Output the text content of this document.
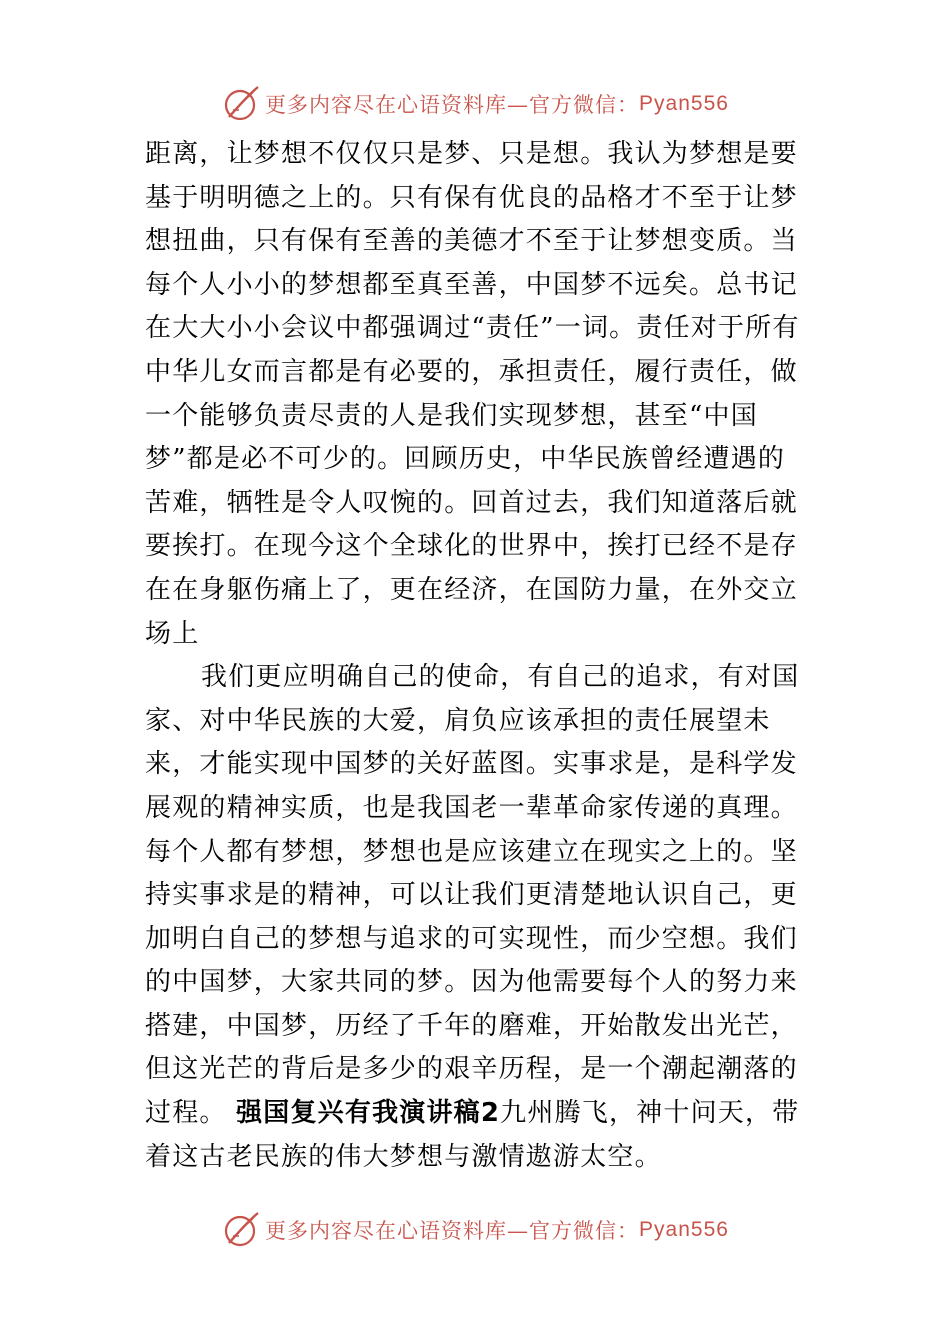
更多内容尽在心语资料库—官方微信： Pyan556

距离，让梦想不仅仅只是梦、只是想。我认为梦想是要基于明明德之上的。只有保有优良的品格才不至于让梦想扭曲，只有保有至善的美德才不至于让梦想变质。当每个人小小的梦想都至真至善，中国梦不远矣。总书记在大大小小会议中都强调过“责任”一词。责任对于所有中华儿女而言都是有必要的，承担责任，履行责任，做一个能够负责尽责的人是我们实现梦想，甚至“中国梦”都是必不可少的。回顾历史，中华民族曾经遭遇的苦难，牺牲是令人叹惋的。回首过去，我们知道落后就要挨打。在现今这个全球化的世界中，挨打已经不是存在在身躯伤痛上了，更在经济，在国防力量，在外交立场上

我们更应明确自己的使命，有自己的追求，有对国家、对中华民族的大爱，肩负应该承担的责任展望未来，才能实现中国梦的关好蓝图。实事求是，是科学发展观的精神实质，也是我国老一辈革命家传递的真理。每个人都有梦想，梦想也是应该建立在现实之上的。坚持实事求是的精神，可以让我们更清楚地认识自己，更加明白自己的梦想与追求的可实现性，而少空想。我们的中国梦，大家共同的梦。因为他需要每个人的努力来搭建，中国梦，历经了千年的磨难，开始散发出光芒，但这光芒的背后是多少的艰辛历程，是一个潮起潮落的过程。 强国复兴有我演讲稿2九州腾飞，神十问天，带着这古老民族的伟大梦想与激情遨游太空。

更多内容尽在心语资料库—官方微信： Pyan556
